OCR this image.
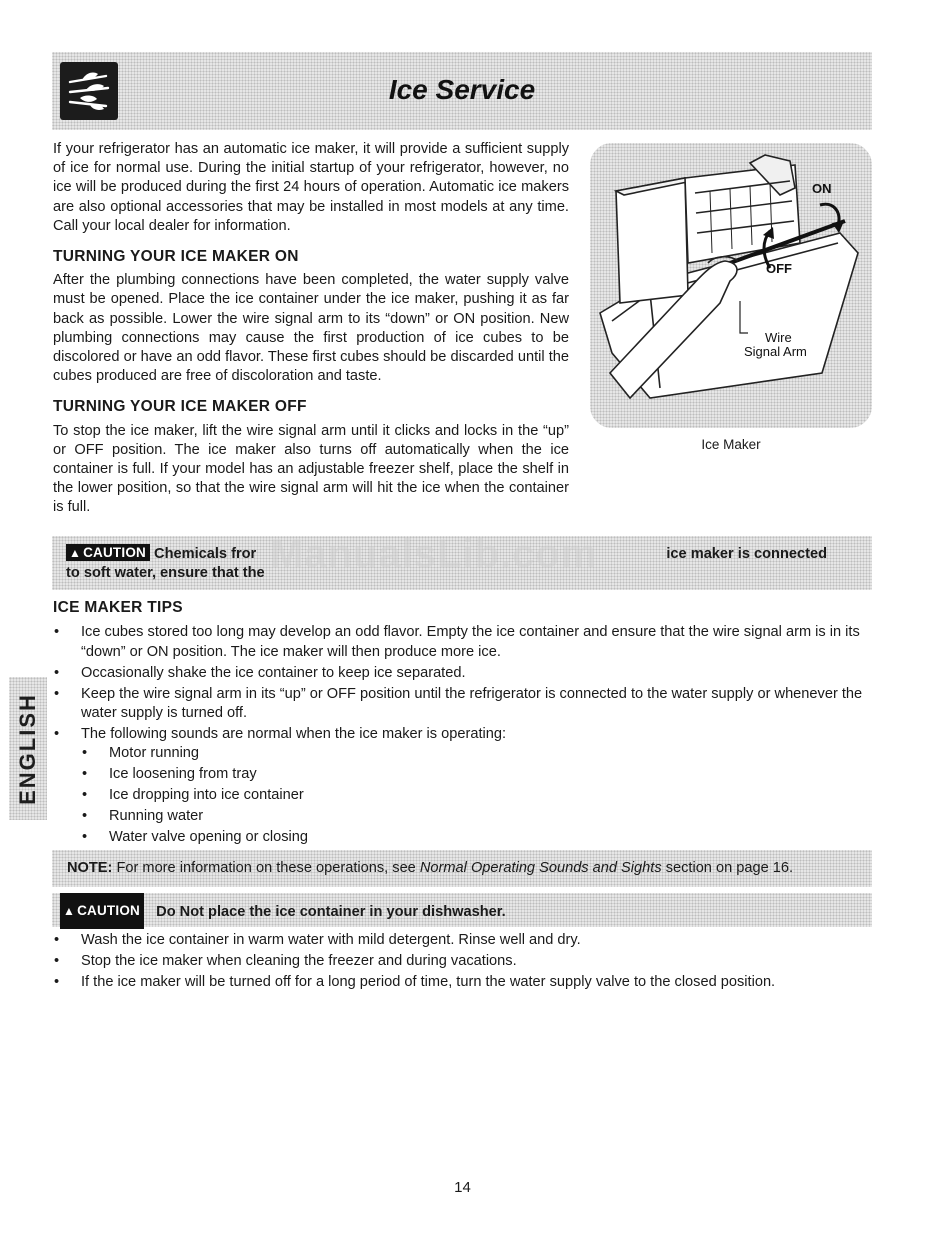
Ice Service

If your refrigerator has an automatic ice maker, it will provide a sufficient supply of ice for normal use. During the initial startup of your refrigerator, however, no ice will be produced during the first 24 hours of operation. Automatic ice makers are also optional accessories that may be installed in most models at any time. Call your local dealer for information.

TURNING YOUR ICE MAKER ON

After the plumbing connections have been completed, the water supply valve must be opened. Place the ice container under the ice maker, pushing it as far back as possible. Lower the wire signal arm to its “down” or ON position. New plumbing connections may cause the first production of ice cubes to be discolored or have an odd flavor. These first cubes should be discarded until the cubes produced are free of discoloration and taste.

TURNING YOUR ICE MAKER OFF

To stop the ice maker, lift the wire signal arm until it clicks and locks in the “up” or OFF position. The ice maker also turns off automatically when the ice container is full. If your model has an adjustable freezer shelf, place the shelf in the lower position, so that the wire signal arm will hit the ice when the container is full.

ON
OFF
Wire
Signal Arm
Ice Maker
▲ CAUTION Chemicals fror	ice maker is connected
to soft water, ensure that the ManualsLib.com
ICE MAKER TIPS
• Ice cubes stored too long may develop an odd flavor. Empty the ice container and ensure that the wire signal arm is in its “down” or ON position. The ice maker will then produce more ice.
• Occasionally shake the ice container to keep ice separated.
• Keep the wire signal arm in its “up” or OFF position until the refrigerator is connected to the water supply or whenever the water supply is turned off.
• The following sounds are normal when the ice maker is operating:
• Motor running
• Ice loosening from tray
• Ice dropping into ice container
• Running water
• Water valve opening or closing
NOTE: For more information on these operations, see Normal Operating Sounds and Sights section on page 16.
▲ CAUTION Do Not place the ice container in your dishwasher.
• Wash the ice container in warm water with mild detergent. Rinse well and dry.
• Stop the ice maker when cleaning the freezer and during vacations.
• If the ice maker will be turned off for a long period of time, turn the water supply valve to the closed position.
ENGLISH
14
